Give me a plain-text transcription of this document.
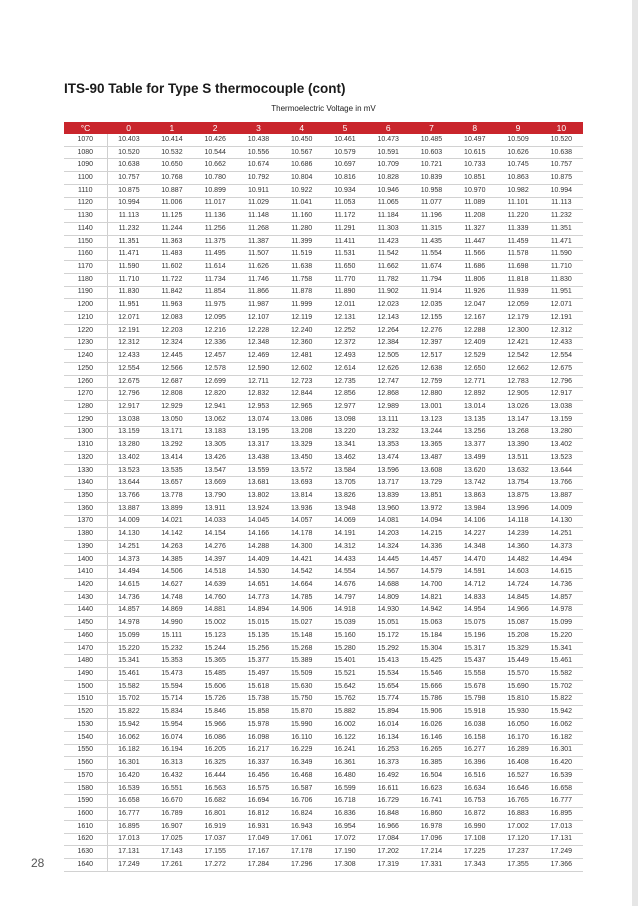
ITS-90 Table for Type S thermocouple (cont)
Thermoelectric Voltage in mV
°C	0	1	2	3	4	5	6	7	8	9	10
1070	10.403	10.414	10.426	10.438	10.450	10.461	10.473	10.485	10.497	10.509	10.520
1080	10.520	10.532	10.544	10.556	10.567	10.579	10.591	10.603	10.615	10.626	10.638
1090	10.638	10.650	10.662	10.674	10.686	10.697	10.709	10.721	10.733	10.745	10.757
1100	10.757	10.768	10.780	10.792	10.804	10.816	10.828	10.839	10.851	10.863	10.875
1110	10.875	10.887	10.899	10.911	10.922	10.934	10.946	10.958	10.970	10.982	10.994
1120	10.994	11.006	11.017	11.029	11.041	11.053	11.065	11.077	11.089	11.101	11.113
1130	11.113	11.125	11.136	11.148	11.160	11.172	11.184	11.196	11.208	11.220	11.232
1140	11.232	11.244	11.256	11.268	11.280	11.291	11.303	11.315	11.327	11.339	11.351
1150	11.351	11.363	11.375	11.387	11.399	11.411	11.423	11.435	11.447	11.459	11.471
1160	11.471	11.483	11.495	11.507	11.519	11.531	11.542	11.554	11.566	11.578	11.590
1170	11.590	11.602	11.614	11.626	11.638	11.650	11.662	11.674	11.686	11.698	11.710
1180	11.710	11.722	11.734	11.746	11.758	11.770	11.782	11.794	11.806	11.818	11.830
1190	11.830	11.842	11.854	11.866	11.878	11.890	11.902	11.914	11.926	11.939	11.951
1200	11.951	11.963	11.975	11.987	11.999	12.011	12.023	12.035	12.047	12.059	12.071
1210	12.071	12.083	12.095	12.107	12.119	12.131	12.143	12.155	12.167	12.179	12.191
1220	12.191	12.203	12.216	12.228	12.240	12.252	12.264	12.276	12.288	12.300	12.312
1230	12.312	12.324	12.336	12.348	12.360	12.372	12.384	12.397	12.409	12.421	12.433
1240	12.433	12.445	12.457	12.469	12.481	12.493	12.505	12.517	12.529	12.542	12.554
1250	12.554	12.566	12.578	12.590	12.602	12.614	12.626	12.638	12.650	12.662	12.675
1260	12.675	12.687	12.699	12.711	12.723	12.735	12.747	12.759	12.771	12.783	12.796
1270	12.796	12.808	12.820	12.832	12.844	12.856	12.868	12.880	12.892	12.905	12.917
1280	12.917	12.929	12.941	12.953	12.965	12.977	12.989	13.001	13.014	13.026	13.038
1290	13.038	13.050	13.062	13.074	13.086	13.098	13.111	13.123	13.135	13.147	13.159
1300	13.159	13.171	13.183	13.195	13.208	13.220	13.232	13.244	13.256	13.268	13.280
1310	13.280	13.292	13.305	13.317	13.329	13.341	13.353	13.365	13.377	13.390	13.402
1320	13.402	13.414	13.426	13.438	13.450	13.462	13.474	13.487	13.499	13.511	13.523
1330	13.523	13.535	13.547	13.559	13.572	13.584	13.596	13.608	13.620	13.632	13.644
1340	13.644	13.657	13.669	13.681	13.693	13.705	13.717	13.729	13.742	13.754	13.766
1350	13.766	13.778	13.790	13.802	13.814	13.826	13.839	13.851	13.863	13.875	13.887
1360	13.887	13.899	13.911	13.924	13.936	13.948	13.960	13.972	13.984	13.996	14.009
1370	14.009	14.021	14.033	14.045	14.057	14.069	14.081	14.094	14.106	14.118	14.130
1380	14.130	14.142	14.154	14.166	14.178	14.191	14.203	14.215	14.227	14.239	14.251
1390	14.251	14.263	14.276	14.288	14.300	14.312	14.324	14.336	14.348	14.360	14.373
1400	14.373	14.385	14.397	14.409	14.421	14.433	14.445	14.457	14.470	14.482	14.494
1410	14.494	14.506	14.518	14.530	14.542	14.554	14.567	14.579	14.591	14.603	14.615
1420	14.615	14.627	14.639	14.651	14.664	14.676	14.688	14.700	14.712	14.724	14.736
1430	14.736	14.748	14.760	14.773	14.785	14.797	14.809	14.821	14.833	14.845	14.857
1440	14.857	14.869	14.881	14.894	14.906	14.918	14.930	14.942	14.954	14.966	14.978
1450	14.978	14.990	15.002	15.015	15.027	15.039	15.051	15.063	15.075	15.087	15.099
1460	15.099	15.111	15.123	15.135	15.148	15.160	15.172	15.184	15.196	15.208	15.220
1470	15.220	15.232	15.244	15.256	15.268	15.280	15.292	15.304	15.317	15.329	15.341
1480	15.341	15.353	15.365	15.377	15.389	15.401	15.413	15.425	15.437	15.449	15.461
1490	15.461	15.473	15.485	15.497	15.509	15.521	15.534	15.546	15.558	15.570	15.582
1500	15.582	15.594	15.606	15.618	15.630	15.642	15.654	15.666	15.678	15.690	15.702
1510	15.702	15.714	15.726	15.738	15.750	15.762	15.774	15.786	15.798	15.810	15.822
1520	15.822	15.834	15.846	15.858	15.870	15.882	15.894	15.906	15.918	15.930	15.942
1530	15.942	15.954	15.966	15.978	15.990	16.002	16.014	16.026	16.038	16.050	16.062
1540	16.062	16.074	16.086	16.098	16.110	16.122	16.134	16.146	16.158	16.170	16.182
1550	16.182	16.194	16.205	16.217	16.229	16.241	16.253	16.265	16.277	16.289	16.301
1560	16.301	16.313	16.325	16.337	16.349	16.361	16.373	16.385	16.396	16.408	16.420
1570	16.420	16.432	16.444	16.456	16.468	16.480	16.492	16.504	16.516	16.527	16.539
1580	16.539	16.551	16.563	16.575	16.587	16.599	16.611	16.623	16.634	16.646	16.658
1590	16.658	16.670	16.682	16.694	16.706	16.718	16.729	16.741	16.753	16.765	16.777
1600	16.777	16.789	16.801	16.812	16.824	16.836	16.848	16.860	16.872	16.883	16.895
1610	16.895	16.907	16.919	16.931	16.943	16.954	16.966	16.978	16.990	17.002	17.013
1620	17.013	17.025	17.037	17.049	17.061	17.072	17.084	17.096	17.108	17.120	17.131
1630	17.131	17.143	17.155	17.167	17.178	17.190	17.202	17.214	17.225	17.237	17.249
1640	17.249	17.261	17.272	17.284	17.296	17.308	17.319	17.331	17.343	17.355	17.366
28
